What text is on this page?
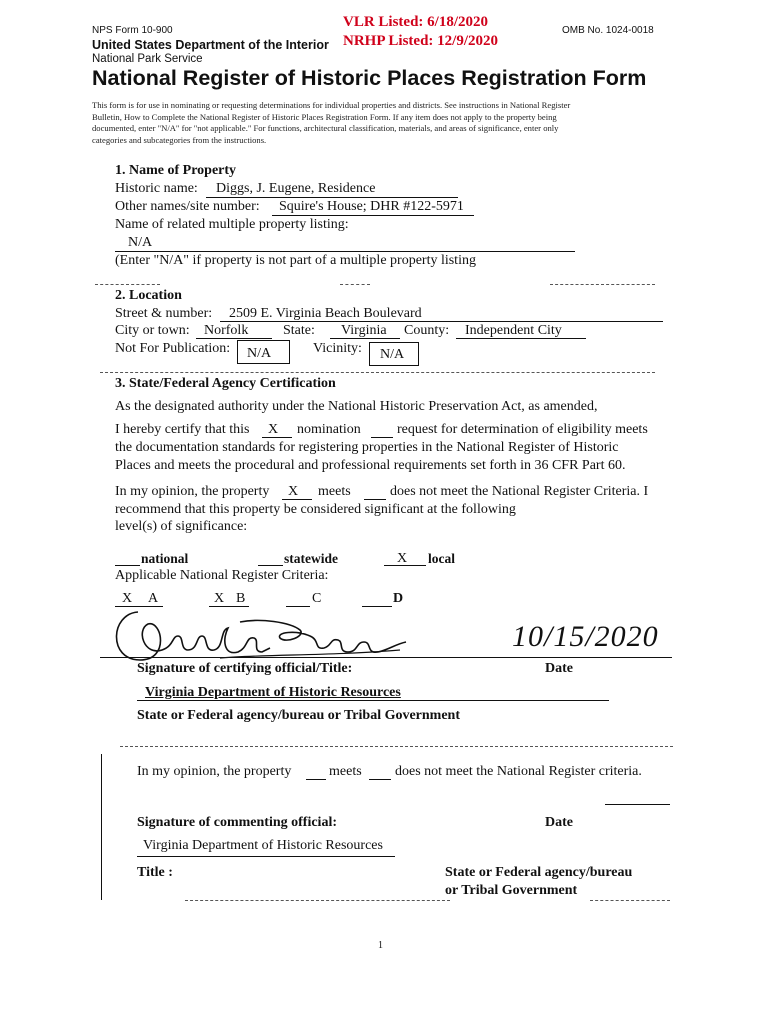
NPS Form 10-900	OMB No. 1024-0018
United States Department of the Interior
National Park Service
VLR Listed: 6/18/2020
NRHP Listed: 12/9/2020
National Register of Historic Places Registration Form
This form is for use in nominating or requesting determinations for individual properties and districts. See instructions in National Register
Bulletin, How to Complete the National Register of Historic Places Registration Form. If any item does not apply to the property being
documented, enter "N/A" for "not applicable." For functions, architectural classification, materials, and areas of significance, enter only
categories and subcategories from the instructions.
1. Name of Property
Historic name: Diggs, J. Eugene, Residence
Other names/site number: Squire's House; DHR #122-5971
Name of related multiple property listing:
N/A
(Enter "N/A" if property is not part of a multiple property listing
2. Location
Street & number: 2509 E. Virginia Beach Boulevard
City or town: Norfolk State: Virginia County: Independent City
Not For Publication: N/A	Vicinity: N/A
3. State/Federal Agency Certification
As the designated authority under the National Historic Preservation Act, as amended,
I hereby certify that this X nomination	request for determination of eligibility meets
the documentation standards for registering properties in the National Register of Historic
Places and meets the procedural and professional requirements set forth in 36 CFR Part 60.
In my opinion, the property X meets	does not meet the National Register Criteria. I
recommend that this property be considered significant at the following
level(s) of significance:
national	statewide	X local
Applicable National Register Criteria:
X A	X B	C	D
10/15/2020
Signature of certifying official/Title:	Date
Virginia Department of Historic Resources
State or Federal agency/bureau or Tribal Government
In my opinion, the property	meets does not meet the National Register criteria.
Signature of commenting official:	Date
Virginia Department of Historic Resources
Title :	State or Federal agency/bureau
or Tribal Government
1
